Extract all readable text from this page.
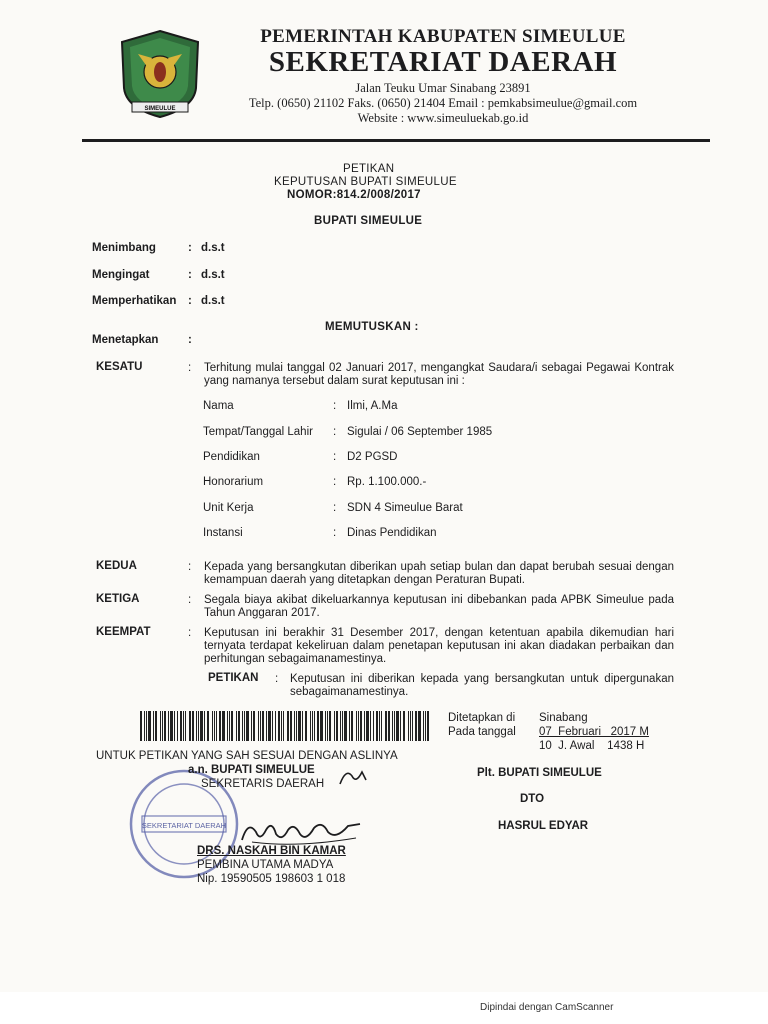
SIMEULUE
PEMERINTAH KABUPATEN SIMEULUE
SEKRETARIAT DAERAH
Jalan Teuku Umar Sinabang 23891
Telp. (0650) 21102 Faks. (0650) 21404 Email : pemkabsimeulue@gmail.com
Website : www.simeuluekab.go.id
PETIKAN
KEPUTUSAN BUPATI SIMEULUE
NOMOR:814.2/008/2017
BUPATI SIMEULUE
Menimbang	: d.s.t
Mengingat	: d.s.t
Memperhatikan : d.s.t
MEMUTUSKAN :
Menetapkan	:
KESATU	: Terhitung mulai tanggal 02 Januari 2017, mengangkat Saudara/i sebagai Pegawai Kontrak yang namanya tersebut dalam surat keputusan ini :
Nama	: Ilmi, A.Ma
Tempat/Tanggal Lahir : Sigulai / 06 September 1985
Pendidikan	: D2 PGSD
Honorarium	: Rp. 1.100.000.-
Unit Kerja	: SDN 4 Simeulue Barat
Instansi	: Dinas Pendidikan
KEDUA	: Kepada yang bersangkutan diberikan upah setiap bulan dan dapat berubah sesuai dengan kemampuan daerah yang ditetapkan dengan Peraturan Bupati.
KETIGA	: Segala biaya akibat dikeluarkannya keputusan ini dibebankan pada APBK Simeulue pada Tahun Anggaran 2017.
KEEMPAT	: Keputusan ini berakhir 31 Desember 2017, dengan ketentuan apabila dikemudian hari ternyata terdapat kekeliruan dalam penetapan keputusan ini akan diadakan perbaikan dan perhitungan sebagaimanamestinya.
PETIKAN : Keputusan ini diberikan kepada yang bersangkutan untuk dipergunakan sebagaimanamestinya.
Ditetapkan di Sinabang
Pada tanggal 07  Februari   2017 M
10  J. Awal    1438 H
Plt. BUPATI SIMEULUE
DTO
HASRUL EDYAR
UNTUK PETIKAN YANG SAH SESUAI DENGAN ASLINYA
SEKRETARIAT DAERAH
a.n. BUPATI SIMEULUE
SEKRETARIS DAERAH
DRS. NASKAH BIN KAMAR
PEMBINA UTAMA MADYA
Nip. 19590505 198603 1 018
Dipindai dengan CamScanner
